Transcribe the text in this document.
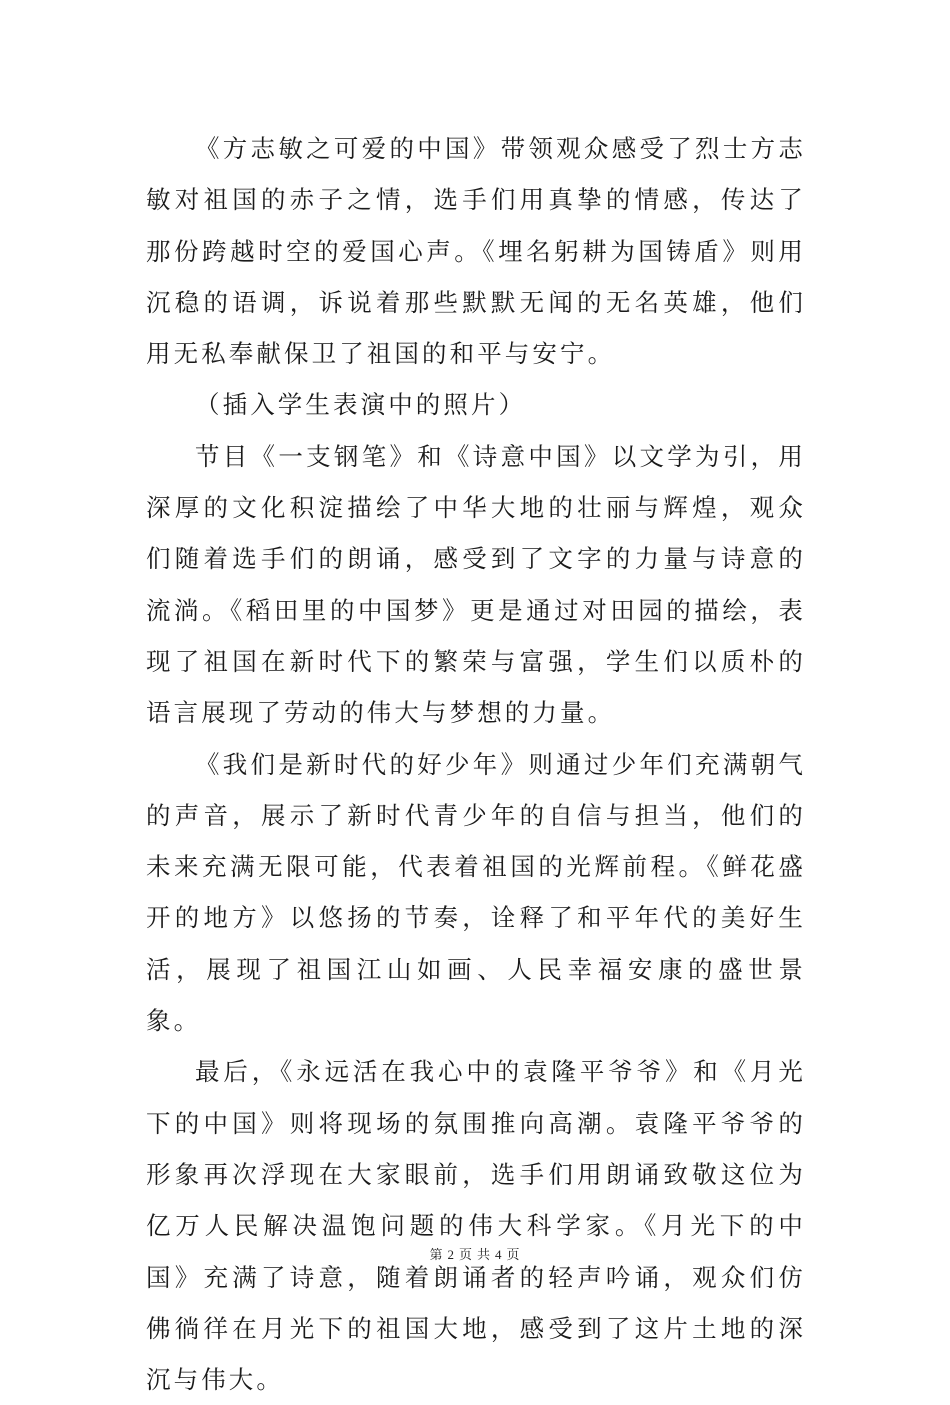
《方志敏之可爱的中国》带领观众感受了烈士方志敏对祖国的赤子之情，选手们用真挚的情感，传达了那份跨越时空的爱国心声。《埋名躬耕为国铸盾》则用沉稳的语调，诉说着那些默默无闻的无名英雄，他们用无私奉献保卫了祖国的和平与安宁。

（插入学生表演中的照片）

节目《一支钢笔》和《诗意中国》以文学为引，用深厚的文化积淀描绘了中华大地的壮丽与辉煌，观众们随着选手们的朗诵，感受到了文字的力量与诗意的流淌。《稻田里的中国梦》更是通过对田园的描绘，表现了祖国在新时代下的繁荣与富强，学生们以质朴的语言展现了劳动的伟大与梦想的力量。

《我们是新时代的好少年》则通过少年们充满朝气的声音，展示了新时代青少年的自信与担当，他们的未来充满无限可能，代表着祖国的光辉前程。《鲜花盛开的地方》以悠扬的节奏，诠释了和平年代的美好生活，展现了祖国江山如画、人民幸福安康的盛世景象。

最后，《永远活在我心中的袁隆平爷爷》和《月光下的中国》则将现场的氛围推向高潮。袁隆平爷爷的形象再次浮现在大家眼前，选手们用朗诵致敬这位为亿万人民解决温饱问题的伟大科学家。《月光下的中国》充满了诗意，随着朗诵者的轻声吟诵，观众们仿佛徜徉在月光下的祖国大地，感受到了这片土地的深沉与伟大。

第 2 页 共 4 页
